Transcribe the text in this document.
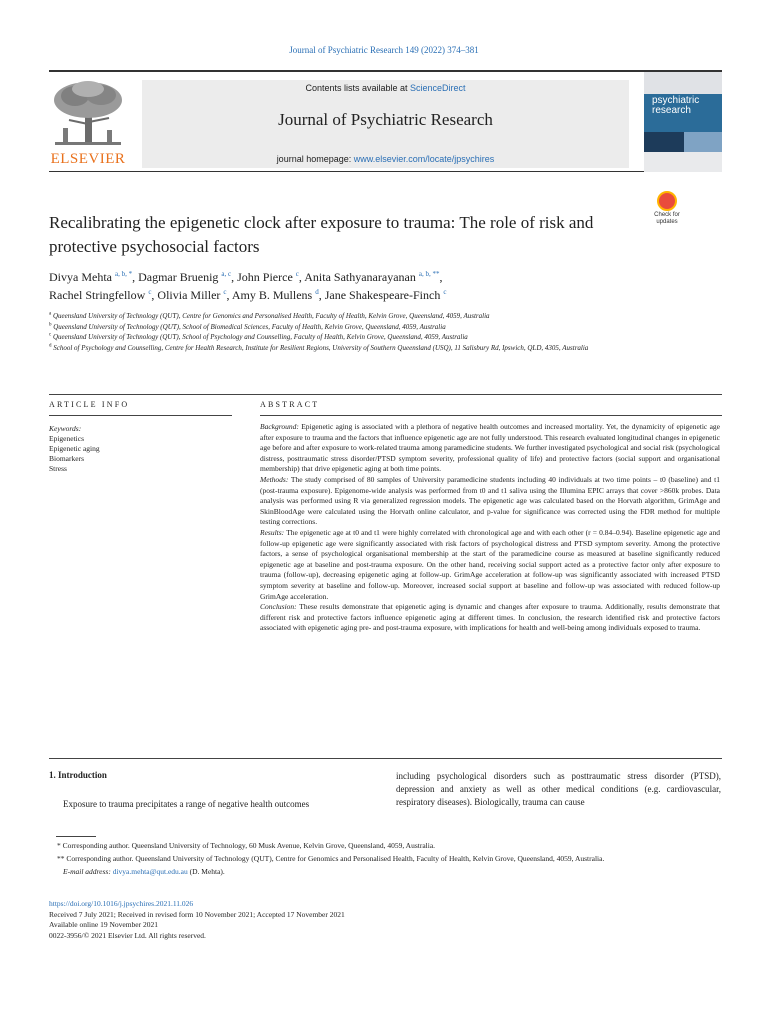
Journal of Psychiatric Research 149 (2022) 374–381
ELSEVIER
Contents lists available at ScienceDirect
Journal of Psychiatric Research
journal homepage: www.elsevier.com/locate/jpsychires
psychiatric
research
Recalibrating the epigenetic clock after exposure to trauma: The role of risk and protective psychosocial factors
Check for updates
Divya Mehta $^{a, b, *}$, Dagmar Bruenig $^{a, c}$, John Pierce $^c$, Anita Sathyanarayanan $^{a, b, **}$,
Rachel Stringfellow $^c$, Olivia Miller $^c$, Amy B. Mullens $^d$, Jane Shakespeare-Finch $^c$
$^a$ Queensland University of Technology (QUT), Centre for Genomics and Personalised Health, Faculty of Health, Kelvin Grove, Queensland, 4059, Australia
$^b$ Queensland University of Technology (QUT), School of Biomedical Sciences, Faculty of Health, Kelvin Grove, Queensland, 4059, Australia
$^c$ Queensland University of Technology (QUT), School of Psychology and Counselling, Faculty of Health, Kelvin Grove, Queensland, 4059, Australia
$^d$ School of Psychology and Counselling, Centre for Health Research, Institute for Resilient Regions, University of Southern Queensland (USQ), 11 Salisbury Rd, Ipswich, QLD, 4305, Australia
ARTICLE INFO	ABSTRACT
Keywords:
Epigenetics
Epigenetic aging
Biomarkers
Stress

Background: Epigenetic aging is associated with a plethora of negative health outcomes and increased mortality. Yet, the dynamicity of epigenetic age after exposure to trauma and the factors that influence epigenetic age are not fully understood. This research evaluated longitudinal changes in epigenetic age before and after exposure to work-related trauma among paramedicine students. We further investigated psychological and social risk (psychological distress, posttraumatic stress disorder/PTSD symptom severity, professional quality of life) and protective factors (social support and organisational membership) that drive epigenetic aging at both time points.

Methods: The study comprised of 80 samples of University paramedicine students including 40 individuals at two time points – t0 (baseline) and t1 (post-trauma exposure). Epigenome-wide analysis was performed from t0 and t1 saliva using the Illumina EPIC arrays that cover >860k probes. Data analysis was performed using R via generalized regression models. The epigenetic age was calculated based on the Horvath algorithm, GrimAge and SkinBloodAge were calculated using the Horvath online calculator, and p-value for significance was corrected using the FDR method for multiple testing corrections.

Results: The epigenetic age at t0 and t1 were highly correlated with chronological age and with each other (r = 0.84–0.94). Baseline epigenetic age and follow-up epigenetic age were significantly associated with risk factors of psychological distress and PTSD symptom severity. Among the protective factors, a sense of psychological organisational membership at the start of the paramedicine course as measured at baseline significantly reduced epigenetic age at baseline and post-trauma exposure. On the other hand, receiving social support acted as a protective factor only after exposure to trauma (follow-up), decreasing epigenetic aging at follow-up. GrimAge acceleration at follow-up was significantly associated with increased PTSD symptom severity at baseline and follow-up. Moreover, increased social support at baseline and follow-up was associated with reduced follow-up GrimAge acceleration.

Conclusion: These results demonstrate that epigenetic aging is dynamic and changes after exposure to trauma. Additionally, results demonstrate that different risk and protective factors influence epigenetic aging at different times. In conclusion, the research identified risk and protective factors associated with epigenetic aging pre- and post-trauma exposure, with implications for health and well-being among individuals exposed to trauma.

1. Introduction
Exposure to trauma precipitates a range of negative health outcomes
including psychological disorders such as posttraumatic stress disorder (PTSD), depression and anxiety as well as other medical conditions (e.g. cardiovascular, respiratory diseases). Biologically, trauma can cause
* Corresponding author. Queensland University of Technology, 60 Musk Avenue, Kelvin Grove, Queensland, 4059, Australia.
** Corresponding author. Queensland University of Technology (QUT), Centre for Genomics and Personalised Health, Faculty of Health, Kelvin Grove, Queensland, 4059, Australia.
E-mail address: divya.mehta@qut.edu.au (D. Mehta).
https://doi.org/10.1016/j.jpsychires.2021.11.026
Received 7 July 2021; Received in revised form 10 November 2021; Accepted 17 November 2021
Available online 19 November 2021
0022-3956/© 2021 Elsevier Ltd. All rights reserved.
